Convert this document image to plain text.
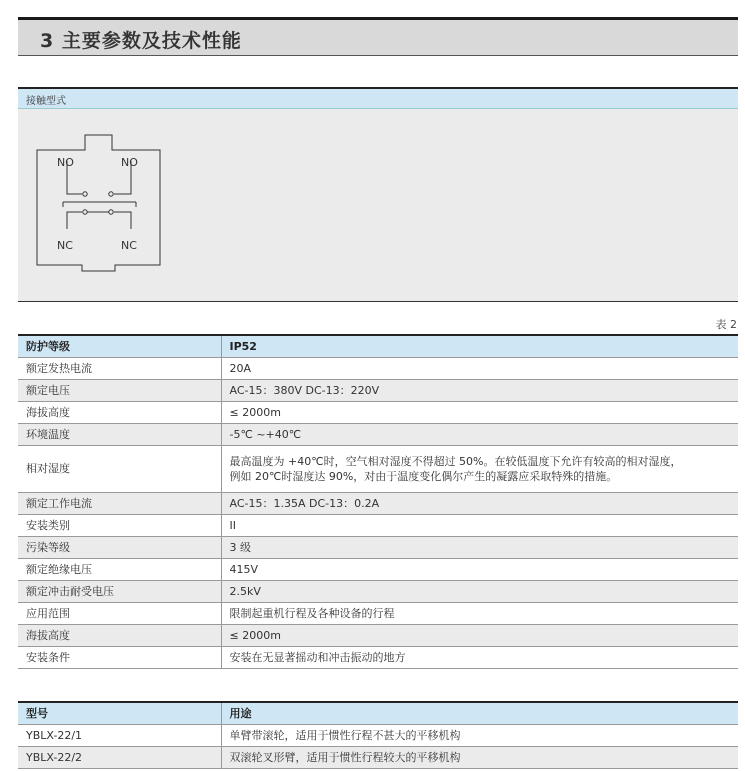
3 主要参数及技术性能
接触型式
NO	NO
NC	NC
表 2
防护等级	IP52
额定发热电流	20A
额定电压	AC-15：380V DC-13：220V
海拔高度	≤ 2000m
环境温度	-5℃ ~+40℃
相对湿度	最高温度为 +40℃时，空气相对湿度不得超过 50%。在较低温度下允许有较高的相对湿度，
例如 20℃时湿度达 90%，对由于温度变化偶尔产生的凝露应采取特殊的措施。

额定工作电流	AC-15：1.35A DC-13：0.2A
安装类别	II
污染等级	3 级
额定绝缘电压	415V
额定冲击耐受电压	2.5kV
应用范围	限制起重机行程及各种设备的行程
海拔高度	≤ 2000m
安装条件	安装在无显著摇动和冲击振动的地方
型号	用途
YBLX-22/1	单臂带滚轮，适用于惯性行程不甚大的平移机构
YBLX-22/2	双滚轮叉形臂，适用于惯性行程较大的平移机构
